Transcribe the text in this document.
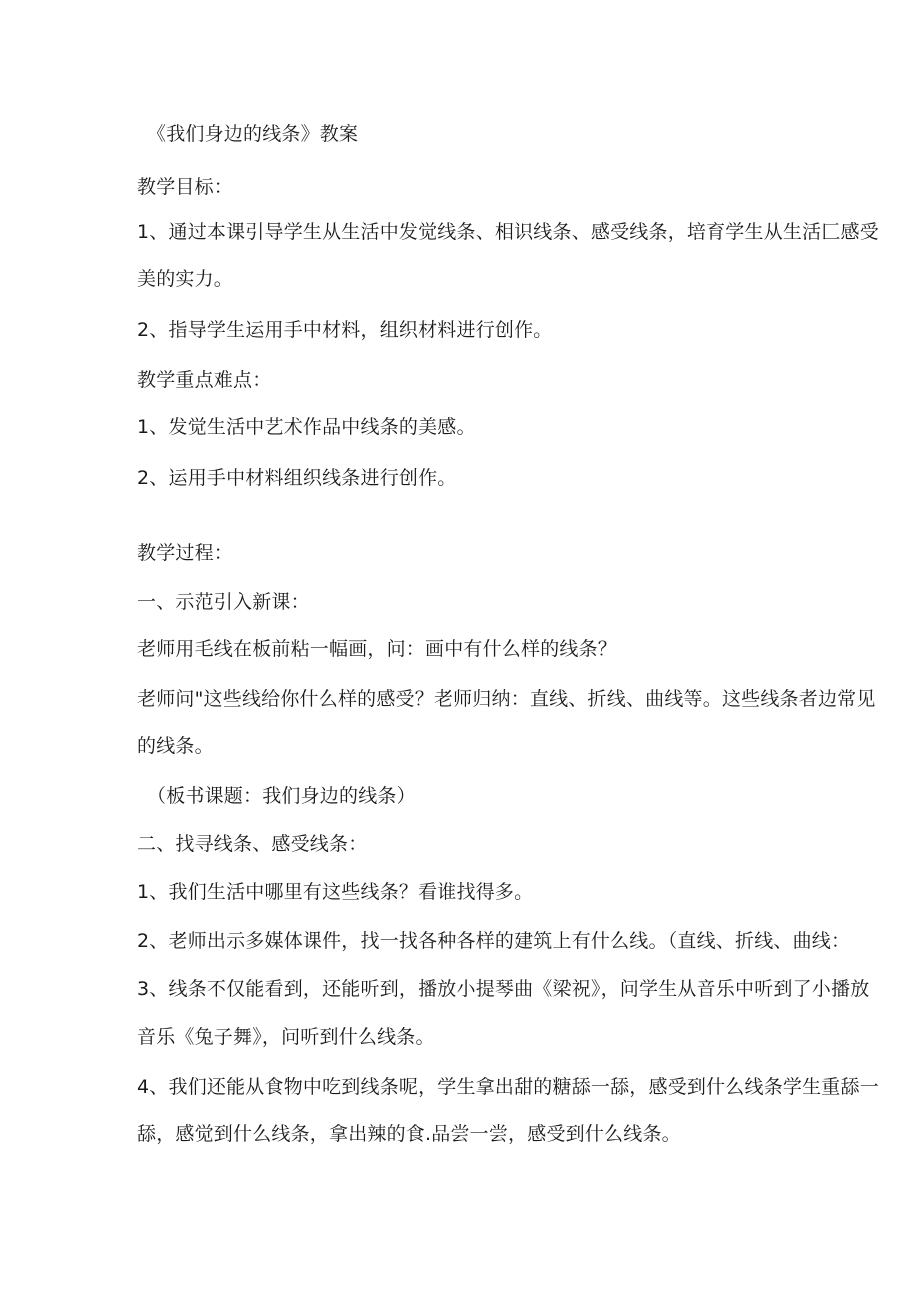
《我们身边的线条》教案
教学目标：
1、通过本课引导学生从生活中发觉线条、相识线条、感受线条，培育学生从生活匚感受
美的实力。
2、指导学生运用手中材料，组织材料进行创作。
教学重点难点：
1、发觉生活中艺术作品中线条的美感。
2、运用手中材料组织线条进行创作。
教学过程：
一、示范引入新课：
老师用毛线在板前粘一幅画，问：画中有什么样的线条？
老师问"这些线给你什么样的感受？老师归纳：直线、折线、曲线等。这些线条者边常见
的线条。
（板书课题：我们身边的线条）
二、找寻线条、感受线条：
1、我们生活中哪里有这些线条？看谁找得多。
2、老师出示多媒体课件，找一找各种各样的建筑上有什么线。（直线、折线、曲线：
3、线条不仅能看到，还能听到，播放小提琴曲《梁祝》，问学生从音乐中听到了小播放
音乐《兔子舞》，问听到什么线条。
4、我们还能从食物中吃到线条呢，学生拿出甜的糖舔一舔，感受到什么线条学生重舔一
舔，感觉到什么线条，拿出辣的食.品尝一尝，感受到什么线条。
